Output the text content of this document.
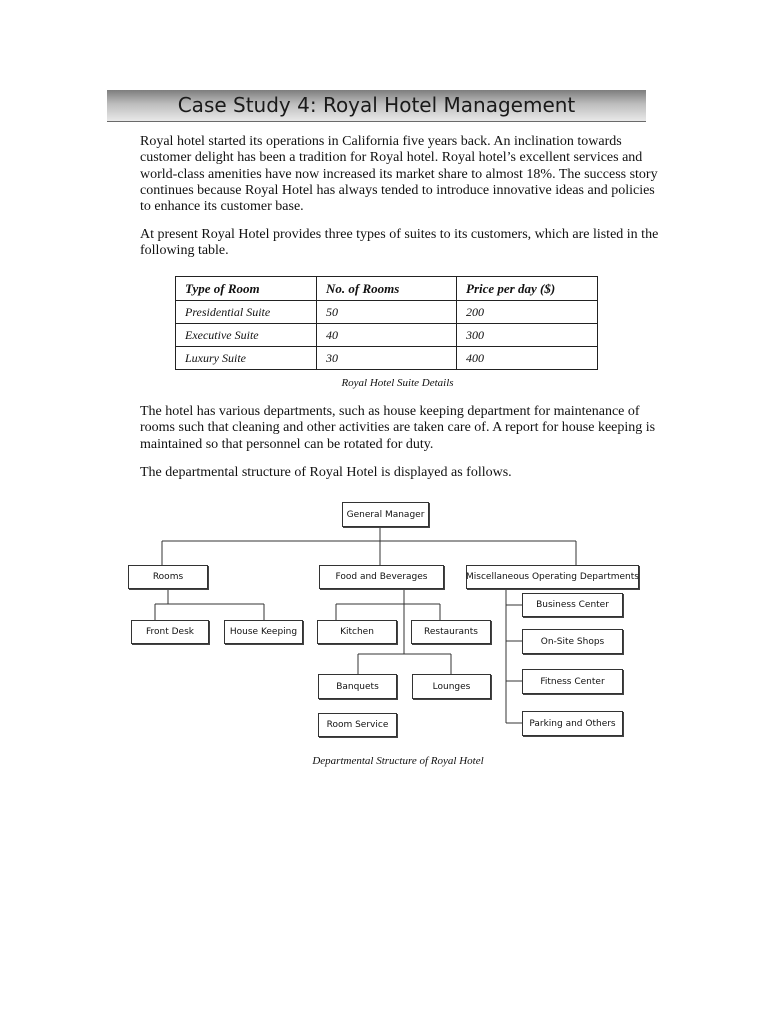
Case Study 4: Royal Hotel Management

Royal hotel started its operations in California five years back. An inclination towards customer delight has been a tradition for Royal hotel. Royal hotel’s excellent services and world-class amenities have now increased its market share to almost 18%. The success story continues because Royal Hotel has always tended to introduce innovative ideas and policies to enhance its customer base.

At present Royal Hotel provides three types of suites to its customers, which are listed in the following table.

Type of Room	No. of Rooms	Price per day ($)
Presidential Suite	50	200
Executive Suite	40	300
Luxury Suite	30	400

Royal Hotel Suite Details

The hotel has various departments, such as house keeping department for maintenance of rooms such that cleaning and other activities are taken care of. A report for house keeping is maintained so that personnel can be rotated for duty.

The departmental structure of Royal Hotel is displayed as follows.

General Manager
Rooms	Food and Beverages	Miscellaneous Operating Departments
Front Desk	House Keeping	Kitchen	Restaurants
Banquets	Lounges
Room Service
Business Center
On-Site Shops
Fitness Center
Parking and Others

Departmental Structure of Royal Hotel
